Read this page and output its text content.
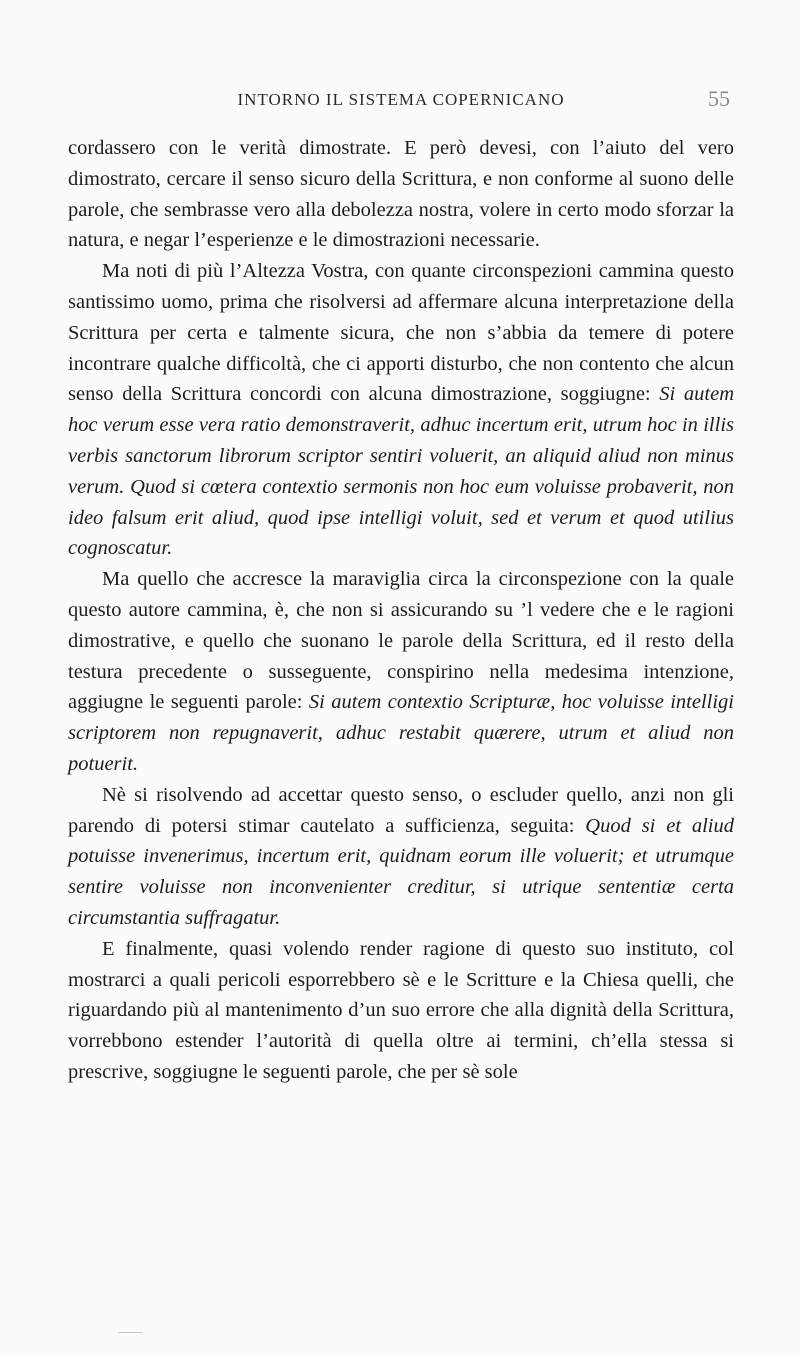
INTORNO IL SISTEMA COPERNICANO	55

cordassero con le verità dimostrate. E però devesi, con l’aiuto del vero dimostrato, cercare il senso sicuro della Scrittura, e non conforme al suono delle parole, che sembrasse vero alla debolezza nostra, volere in certo modo sforzar la natura, e negar l’esperienze e le dimostrazioni necessarie.

Ma noti di più l’Altezza Vostra, con quante circonspezioni cammina questo santissimo uomo, prima che risolversi ad affermare alcuna interpretazione della Scrittura per certa e talmente sicura, che non s’abbia da temere di potere incontrare qualche difficoltà, che ci apporti disturbo, che non contento che alcun senso della Scrittura concordi con alcuna dimostrazione, soggiugne: Si autem hoc verum esse vera ratio demonstraverit, adhuc incertum erit, utrum hoc in illis verbis sanctorum librorum scriptor sentiri voluerit, an aliquid aliud non minus verum. Quod si cœtera contextio sermonis non hoc eum voluisse probaverit, non ideo falsum erit aliud, quod ipse intelligi voluit, sed et verum et quod utilius cognoscatur.

Ma quello che accresce la maraviglia circa la circonspezione con la quale questo autore cammina, è, che non si assicurando su ’l vedere che e le ragioni dimostrative, e quello che suonano le parole della Scrittura, ed il resto della testura precedente o susseguente, conspirino nella medesima intenzione, aggiugne le seguenti parole: Si autem contextio Scripturæ, hoc voluisse intelligi scriptorem non repugnaverit, adhuc restabit quærere, utrum et aliud non potuerit.

Nè si risolvendo ad accettar questo senso, o escluder quello, anzi non gli parendo di potersi stimar cautelato a sufficienza, seguita: Quod si et aliud potuisse invenerimus, incertum erit, quidnam eorum ille voluerit; et utrumque sentire voluisse non inconvenienter creditur, si utrique sententiæ certa circumstantia suffragatur.

E finalmente, quasi volendo render ragione di questo suo instituto, col mostrarci a quali pericoli esporrebbero sè e le Scritture e la Chiesa quelli, che riguardando più al mantenimento d’un suo errore che alla dignità della Scrittura, vorrebbono estender l’autorità di quella oltre ai termini, ch’ella stessa si prescrive, soggiugne le seguenti parole, che per sè sole
